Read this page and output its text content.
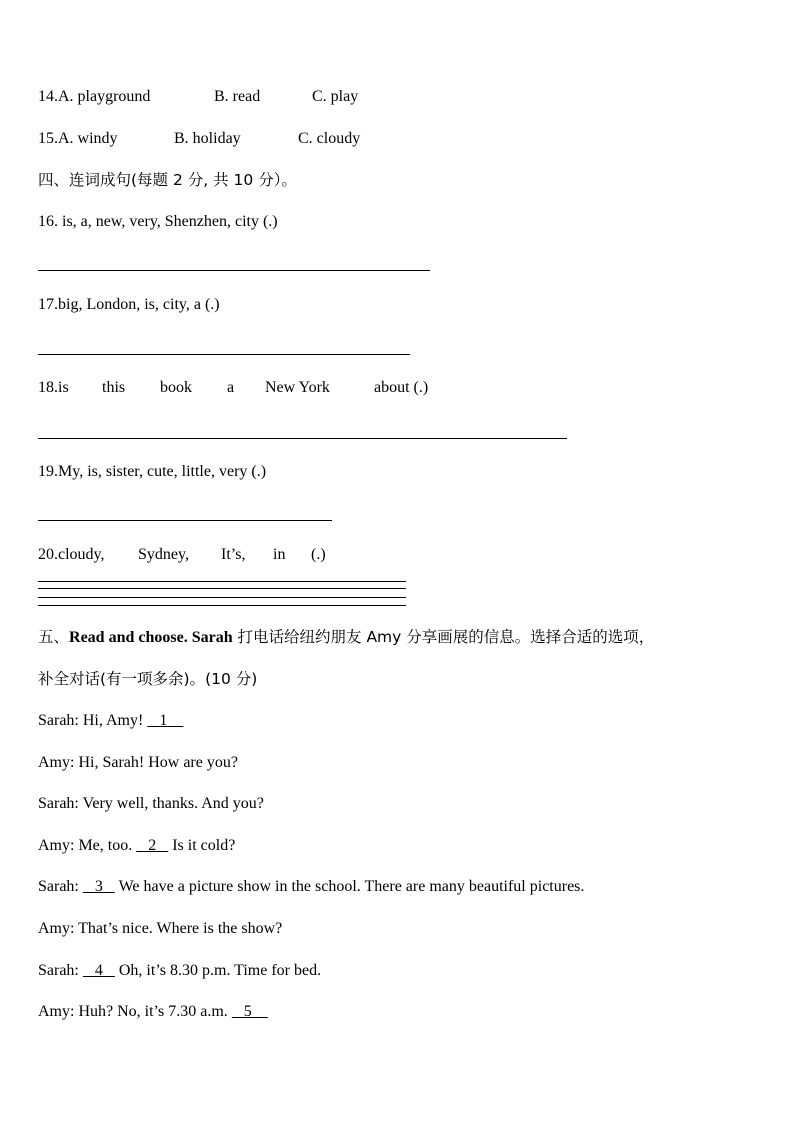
14.A. playground	B. read	C. play
15.A. windy	B. holiday	C. cloudy
四、连词成句(每题 2 分, 共 10 分）。
16. is, a, new, very, Shenzhen, city (.)
17.big, London, is, city, a (.)
18.is this book a New York	about (.)
19.My, is, sister, cute, little, very (.)
20.cloudy, Sydney, It’s, in (.)
五、Read and choose. Sarah 打电话给纽约朋友 Amy 分享画展的信息。选择合适的选项，
补全对话(有一项多余)。(10 分)
Sarah: Hi, Amy!    1
Amy: Hi, Sarah! How are you?
Sarah: Very well, thanks. And you?
Amy: Me, too.    2    Is it cold?
Sarah:    3    We have a picture show in the school. There are many beautiful pictures.
Amy: That’s nice. Where is the show?
Sarah:    4    Oh, it’s 8.30 p.m. Time for bed.
Amy: Huh? No, it’s 7.30 a.m.    5
